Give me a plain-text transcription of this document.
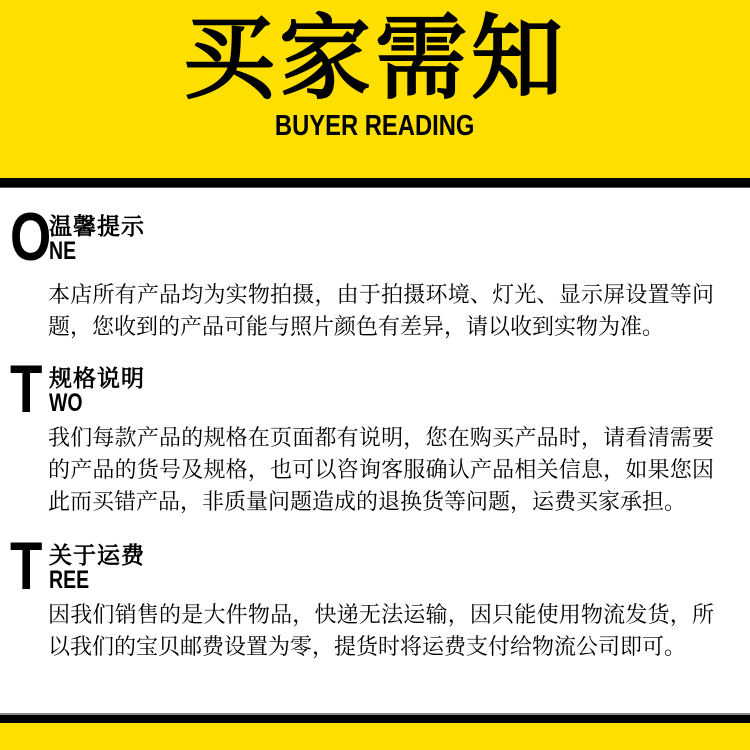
买家需知
BUYER READING
O
温馨提示
NE

本店所有产品均为实物拍摄，由于拍摄环境、灯光、显示屏设置等问题，您收到的产品可能与照片颜色有差异，请以收到实物为准。

T 规格说明
WO

我们每款产品的规格在页面都有说明，您在购买产品时，请看清需要的产品的货号及规格，也可以咨询客服确认产品相关信息，如果您因此而买错产品，非质量问题造成的退换货等问题，运费买家承担。

T 关于运费
REE

因我们销售的是大件物品，快递无法运输，因只能使用物流发货，所以我们的宝贝邮费设置为零，提货时将运费支付给物流公司即可。
